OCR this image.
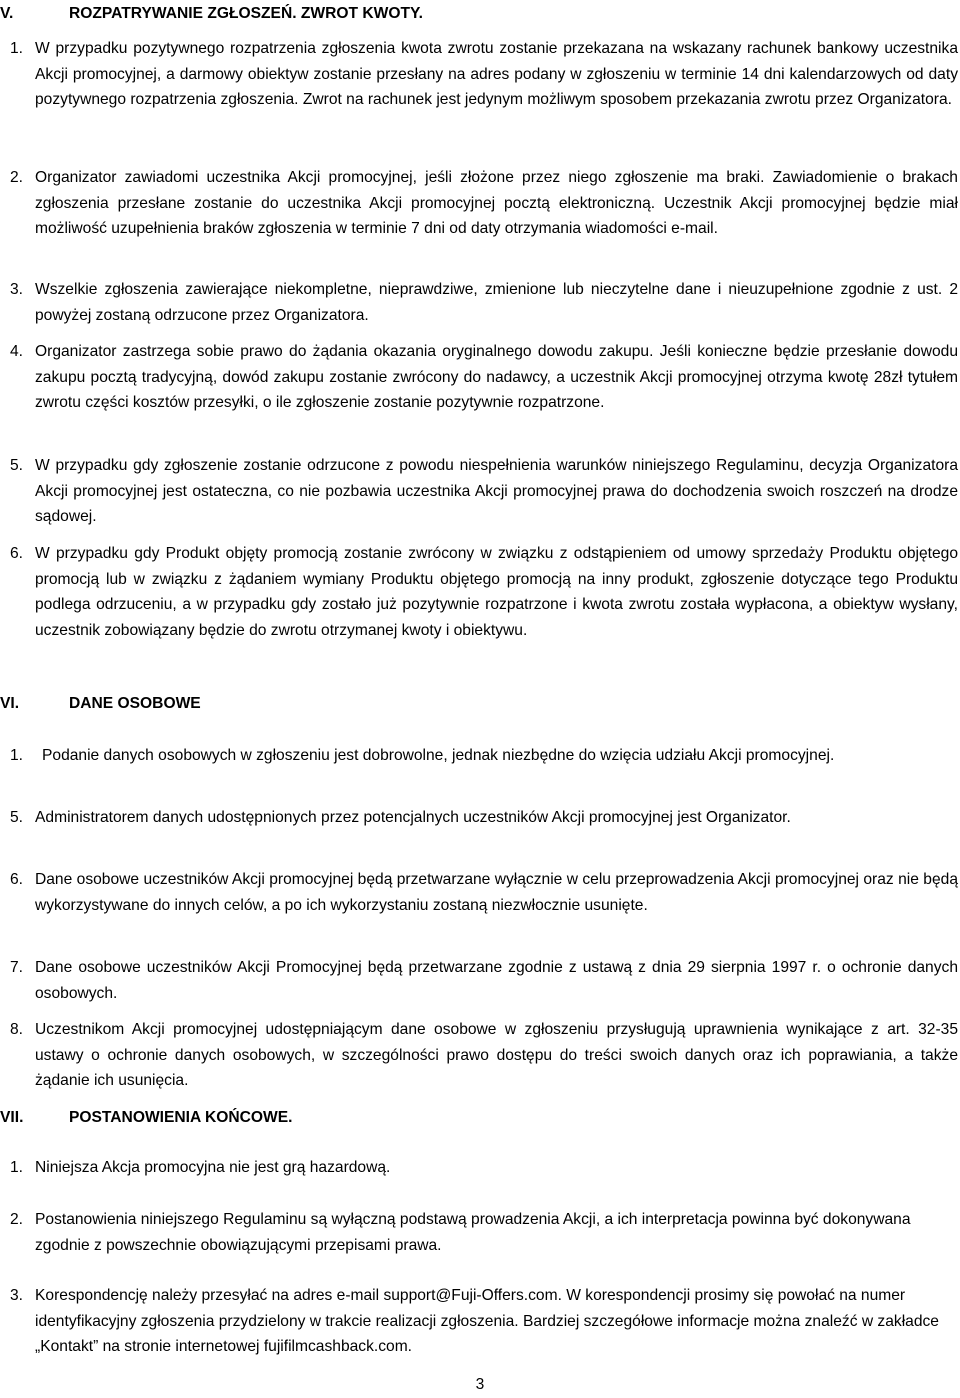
V.	ROZPATRYWANIE ZGŁOSZEŃ. ZWROT KWOTY.
1. W przypadku pozytywnego rozpatrzenia zgłoszenia kwota zwrotu zostanie przekazana na wskazany rachunek bankowy uczestnika Akcji promocyjnej, a darmowy obiektyw zostanie przesłany na adres podany w zgłoszeniu w terminie 14 dni kalendarzowych od daty pozytywnego rozpatrzenia zgłoszenia. Zwrot na rachunek jest jedynym możliwym sposobem przekazania zwrotu przez Organizatora.
2. Organizator zawiadomi uczestnika Akcji promocyjnej, jeśli złożone przez niego zgłoszenie ma braki. Zawiadomienie o brakach zgłoszenia przesłane zostanie do uczestnika Akcji promocyjnej pocztą elektroniczną. Uczestnik Akcji promocyjnej będzie miał możliwość uzupełnienia braków zgłoszenia w terminie 7 dni od daty otrzymania wiadomości e-mail.
3. Wszelkie zgłoszenia zawierające niekompletne, nieprawdziwe, zmienione lub nieczytelne dane i nieuzupełnione zgodnie z ust. 2 powyżej zostaną odrzucone przez Organizatora.
4. Organizator zastrzega sobie prawo do żądania okazania oryginalnego dowodu zakupu. Jeśli konieczne będzie przesłanie dowodu zakupu pocztą tradycyjną, dowód zakupu zostanie zwrócony do nadawcy, a uczestnik Akcji promocyjnej otrzyma kwotę 28zł tytułem zwrotu części kosztów przesyłki, o ile zgłoszenie zostanie pozytywnie rozpatrzone.
5. W przypadku gdy zgłoszenie zostanie odrzucone z powodu niespełnienia warunków niniejszego Regulaminu, decyzja Organizatora Akcji promocyjnej jest ostateczna, co nie pozbawia uczestnika Akcji promocyjnej prawa do dochodzenia swoich roszczeń na drodze sądowej.
6. W przypadku gdy Produkt objęty promocją zostanie zwrócony w związku z odstąpieniem od umowy sprzedaży Produktu objętego promocją lub w związku z żądaniem wymiany Produktu objętego promocją na inny produkt, zgłoszenie dotyczące tego Produktu podlega odrzuceniu, a w przypadku gdy zostało już pozytywnie rozpatrzone i kwota zwrotu została wypłacona, a obiektyw wysłany, uczestnik zobowiązany będzie do zwrotu otrzymanej kwoty i obiektywu.
VI.	DANE OSOBOWE
1. Podanie danych osobowych w zgłoszeniu jest dobrowolne, jednak niezbędne do wzięcia udziału Akcji promocyjnej.
5. Administratorem danych udostępnionych przez potencjalnych uczestników Akcji promocyjnej jest Organizator.
6. Dane osobowe uczestników Akcji promocyjnej będą przetwarzane wyłącznie w celu przeprowadzenia Akcji promocyjnej oraz nie będą wykorzystywane do innych celów, a po ich wykorzystaniu zostaną niezwłocznie usunięte.
7. Dane osobowe uczestników Akcji Promocyjnej będą przetwarzane zgodnie z ustawą z dnia 29 sierpnia 1997 r. o ochronie danych osobowych.
8. Uczestnikom Akcji promocyjnej udostępniającym dane osobowe w zgłoszeniu przysługują uprawnienia wynikające z art. 32-35 ustawy o ochronie danych osobowych, w szczególności prawo dostępu do treści swoich danych oraz ich poprawiania, a także żądanie ich usunięcia.
VII.	POSTANOWIENIA KOŃCOWE.
1. Niniejsza Akcja promocyjna nie jest grą hazardową.
2. Postanowienia niniejszego Regulaminu są wyłączną podstawą prowadzenia Akcji, a ich interpretacja powinna być dokonywana zgodnie z powszechnie obowiązującymi przepisami prawa.
3. Korespondencję należy przesyłać na adres e-mail support@Fuji-Offers.com. W korespondencji prosimy się powołać na numer identyfikacyjny zgłoszenia przydzielony w trakcie realizacji zgłoszenia. Bardziej szczegółowe informacje można znaleźć w zakładce „Kontakt” na stronie internetowej fujifilmcashback.com.
3
